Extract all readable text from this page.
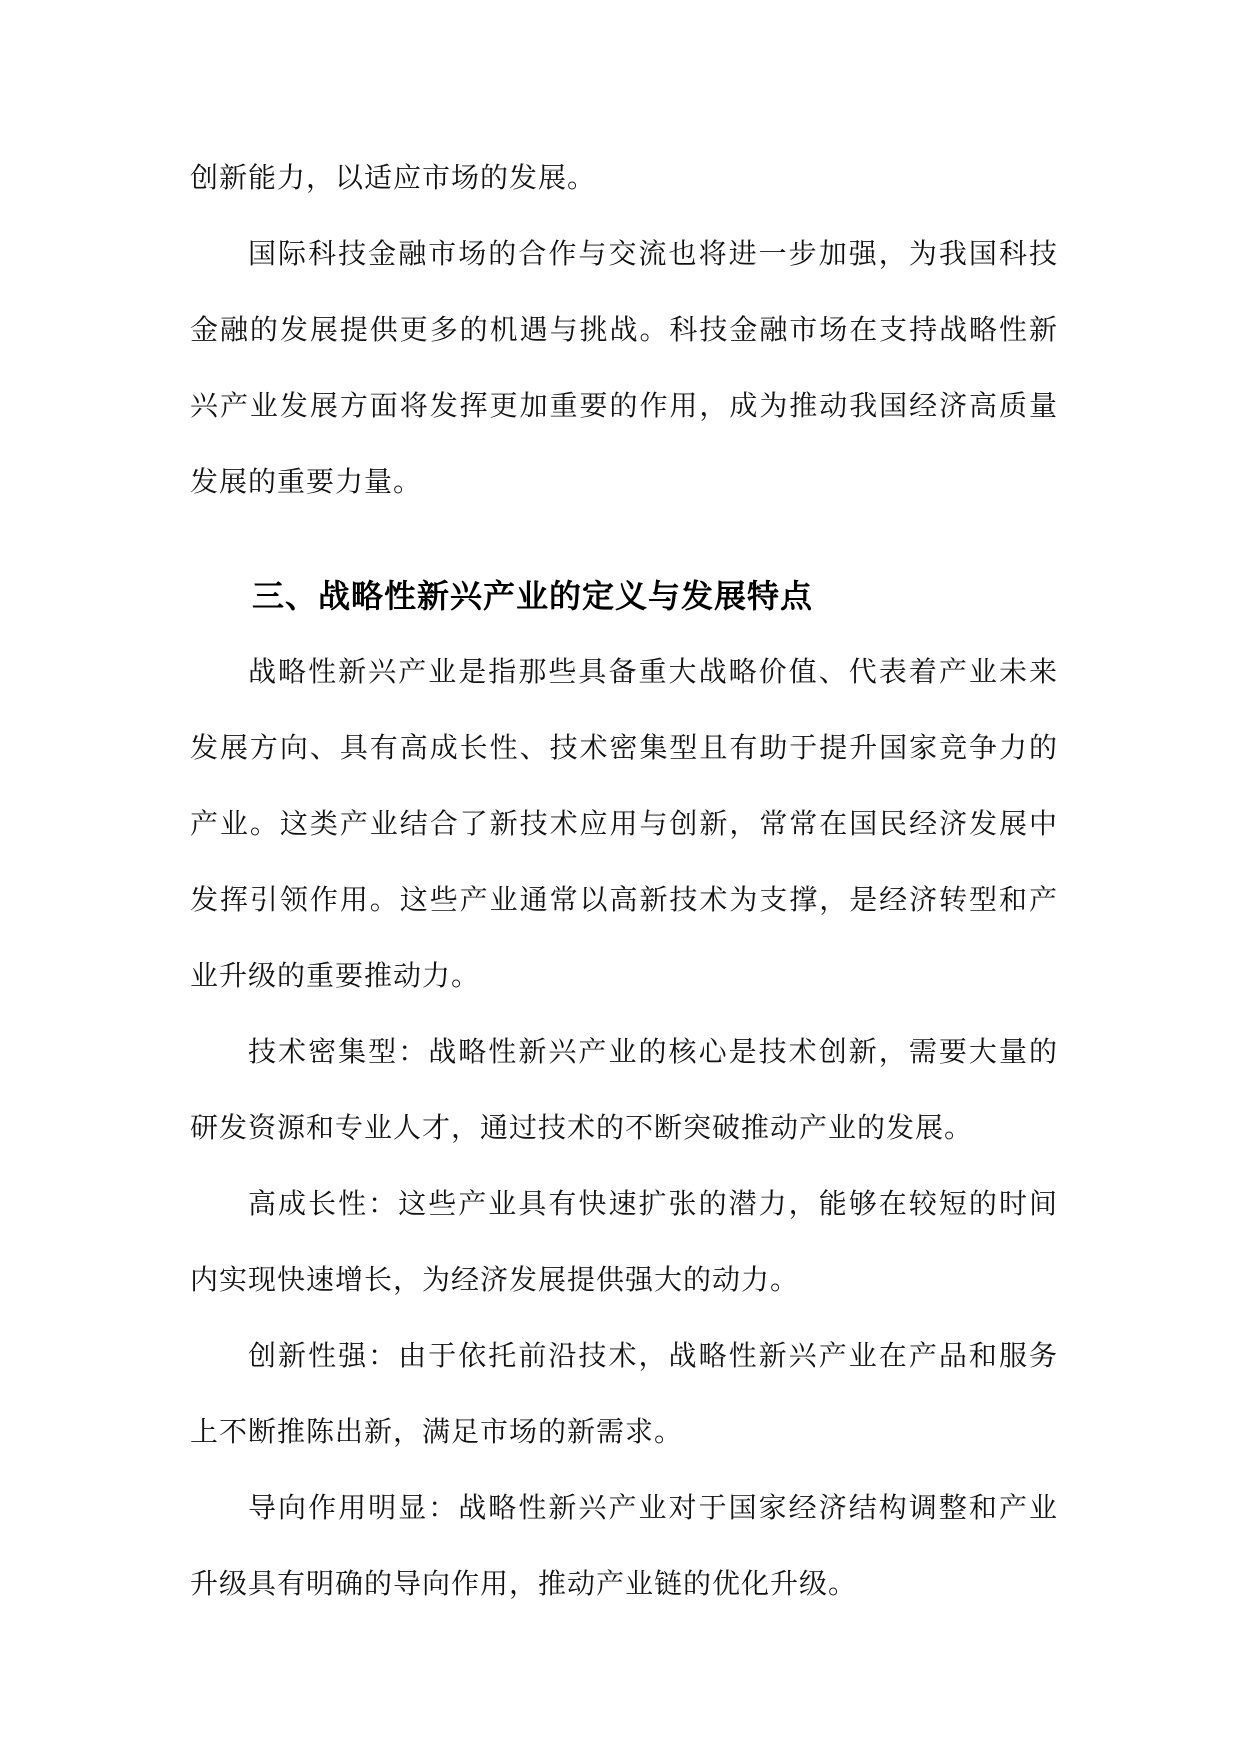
创新能力，以适应市场的发展。

国际科技金融市场的合作与交流也将进一步加强，为我国科技金融的发展提供更多的机遇与挑战。科技金融市场在支持战略性新兴产业发展方面将发挥更加重要的作用，成为推动我国经济高质量发展的重要力量。

三、战略性新兴产业的定义与发展特点

战略性新兴产业是指那些具备重大战略价值、代表着产业未来发展方向、具有高成长性、技术密集型且有助于提升国家竞争力的产业。这类产业结合了新技术应用与创新，常常在国民经济发展中发挥引领作用。这些产业通常以高新技术为支撑，是经济转型和产业升级的重要推动力。

技术密集型：战略性新兴产业的核心是技术创新，需要大量的研发资源和专业人才，通过技术的不断突破推动产业的发展。

高成长性：这些产业具有快速扩张的潜力，能够在较短的时间内实现快速增长，为经济发展提供强大的动力。

创新性强：由于依托前沿技术，战略性新兴产业在产品和服务上不断推陈出新，满足市场的新需求。

导向作用明显：战略性新兴产业对于国家经济结构调整和产业升级具有明确的导向作用，推动产业链的优化升级。
